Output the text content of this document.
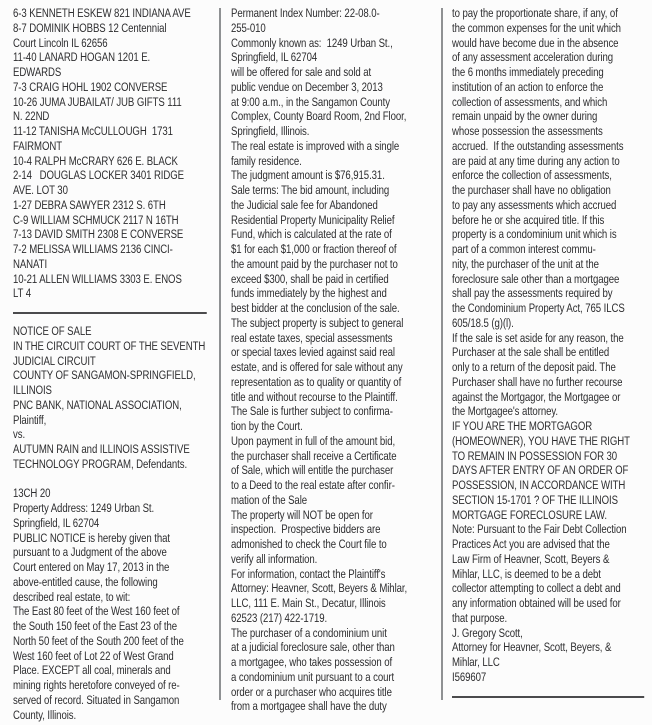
6-3 KENNETH ESKEW 821 INDIANA AVE
8-7 DOMINIK HOBBS 12 Centennial
Court Lincoln IL 62656
11-40 LANARD HOGAN 1201 E.
EDWARDS
7-3 CRAIG HOHL 1902 CONVERSE
10-26 JUMA JUBAILAT/ JUB GIFTS 111
N. 22ND
11-12 TANISHA McCULLOUGH  1731
FAIRMONT
10-4 RALPH McCRARY 626 E. BLACK
2-14   DOUGLAS LOCKER 3401 RIDGE
AVE. LOT 30
1-27 DEBRA SAWYER 2312 S. 6TH
C-9 WILLIAM SCHMUCK 2117 N 16TH
7-13 DAVID SMITH 2308 E CONVERSE
7-2 MELISSA WILLIAMS 2136 CINCI-
NANATI
10-21 ALLEN WILLIAMS 3303 E. ENOS
LT 4
NOTICE OF SALE
IN THE CIRCUIT COURT OF THE SEVENTH
JUDICIAL CIRCUIT
COUNTY OF SANGAMON-SPRINGFIELD,
ILLINOIS
PNC BANK, NATIONAL ASSOCIATION,
Plaintiff,
vs.
AUTUMN RAIN and ILLINOIS ASSISTIVE
TECHNOLOGY PROGRAM, Defendants.

13CH 20
Property Address: 1249 Urban St.
Springfield, IL 62704
PUBLIC NOTICE is hereby given that
pursuant to a Judgment of the above
Court entered on May 17, 2013 in the
above-entitled cause, the following
described real estate, to wit:
The East 80 feet of the West 160 feet of
the South 150 feet of the East 23 of the
North 50 feet of the South 200 feet of the
West 160 feet of Lot 22 of West Grand
Place. EXCEPT all coal, minerals and
mining rights heretofore conveyed of re-
served of record. Situated in Sangamon
County, Illinois.
Permanent Index Number: 22-08.0-
255-010
Commonly known as:  1249 Urban St.,
Springfield, IL 62704
will be offered for sale and sold at
public vendue on December 3, 2013
at 9:00 a.m., in the Sangamon County
Complex, County Board Room, 2nd Floor,
Springfield, Illinois.
The real estate is improved with a single
family residence.
The judgment amount is $76,915.31.
Sale terms: The bid amount, including
the Judicial sale fee for Abandoned
Residential Property Municipality Relief
Fund, which is calculated at the rate of
$1 for each $1,000 or fraction thereof of
the amount paid by the purchaser not to
exceed $300, shall be paid in certified
funds immediately by the highest and
best bidder at the conclusion of the sale.
The subject property is subject to general
real estate taxes, special assessments
or special taxes levied against said real
estate, and is offered for sale without any
representation as to quality or quantity of
title and without recourse to the Plaintiff.
The Sale is further subject to confirma-
tion by the Court.
Upon payment in full of the amount bid,
the purchaser shall receive a Certificate
of Sale, which will entitle the purchaser
to a Deed to the real estate after confir-
mation of the Sale
The property will NOT be open for
inspection.  Prospective bidders are
admonished to check the Court file to
verify all information.
For information, contact the Plaintiff's
Attorney: Heavner, Scott, Beyers & Mihlar,
LLC, 111 E. Main St., Decatur, Illinois
62523 (217) 422-1719.
The purchaser of a condominium unit
at a judicial foreclosure sale, other than
a mortgagee, who takes possession of
a condominium unit pursuant to a court
order or a purchaser who acquires title
from a mortgagee shall have the duty
to pay the proportionate share, if any, of
the common expenses for the unit which
would have become due in the absence
of any assessment acceleration during
the 6 months immediately preceding
institution of an action to enforce the
collection of assessments, and which
remain unpaid by the owner during
whose possession the assessments
accrued.  If the outstanding assessments
are paid at any time during any action to
enforce the collection of assessments,
the purchaser shall have no obligation
to pay any assessments which accrued
before he or she acquired title. If this
property is a condominium unit which is
part of a common interest commu-
nity, the purchaser of the unit at the
foreclosure sale other than a mortgagee
shall pay the assessments required by
the Condominium Property Act, 765 ILCS
605/18.5 (g)(l).
If the sale is set aside for any reason, the
Purchaser at the sale shall be entitled
only to a return of the deposit paid. The
Purchaser shall have no further recourse
against the Mortgagor, the Mortgagee or
the Mortgagee's attorney.
IF YOU ARE THE MORTGAGOR
(HOMEOWNER), YOU HAVE THE RIGHT
TO REMAIN IN POSSESSION FOR 30
DAYS AFTER ENTRY OF AN ORDER OF
POSSESSION, IN ACCORDANCE WITH
SECTION 15-1701 ? OF THE ILLINOIS
MORTGAGE FORECLOSURE LAW.
Note: Pursuant to the Fair Debt Collection
Practices Act you are advised that the
Law Firm of Heavner, Scott, Beyers &
Mihlar, LLC, is deemed to be a debt
collector attempting to collect a debt and
any information obtained will be used for
that purpose.
J. Gregory Scott,
Attorney for Heavner, Scott, Beyers, &
Mihlar, LLC
I569607
